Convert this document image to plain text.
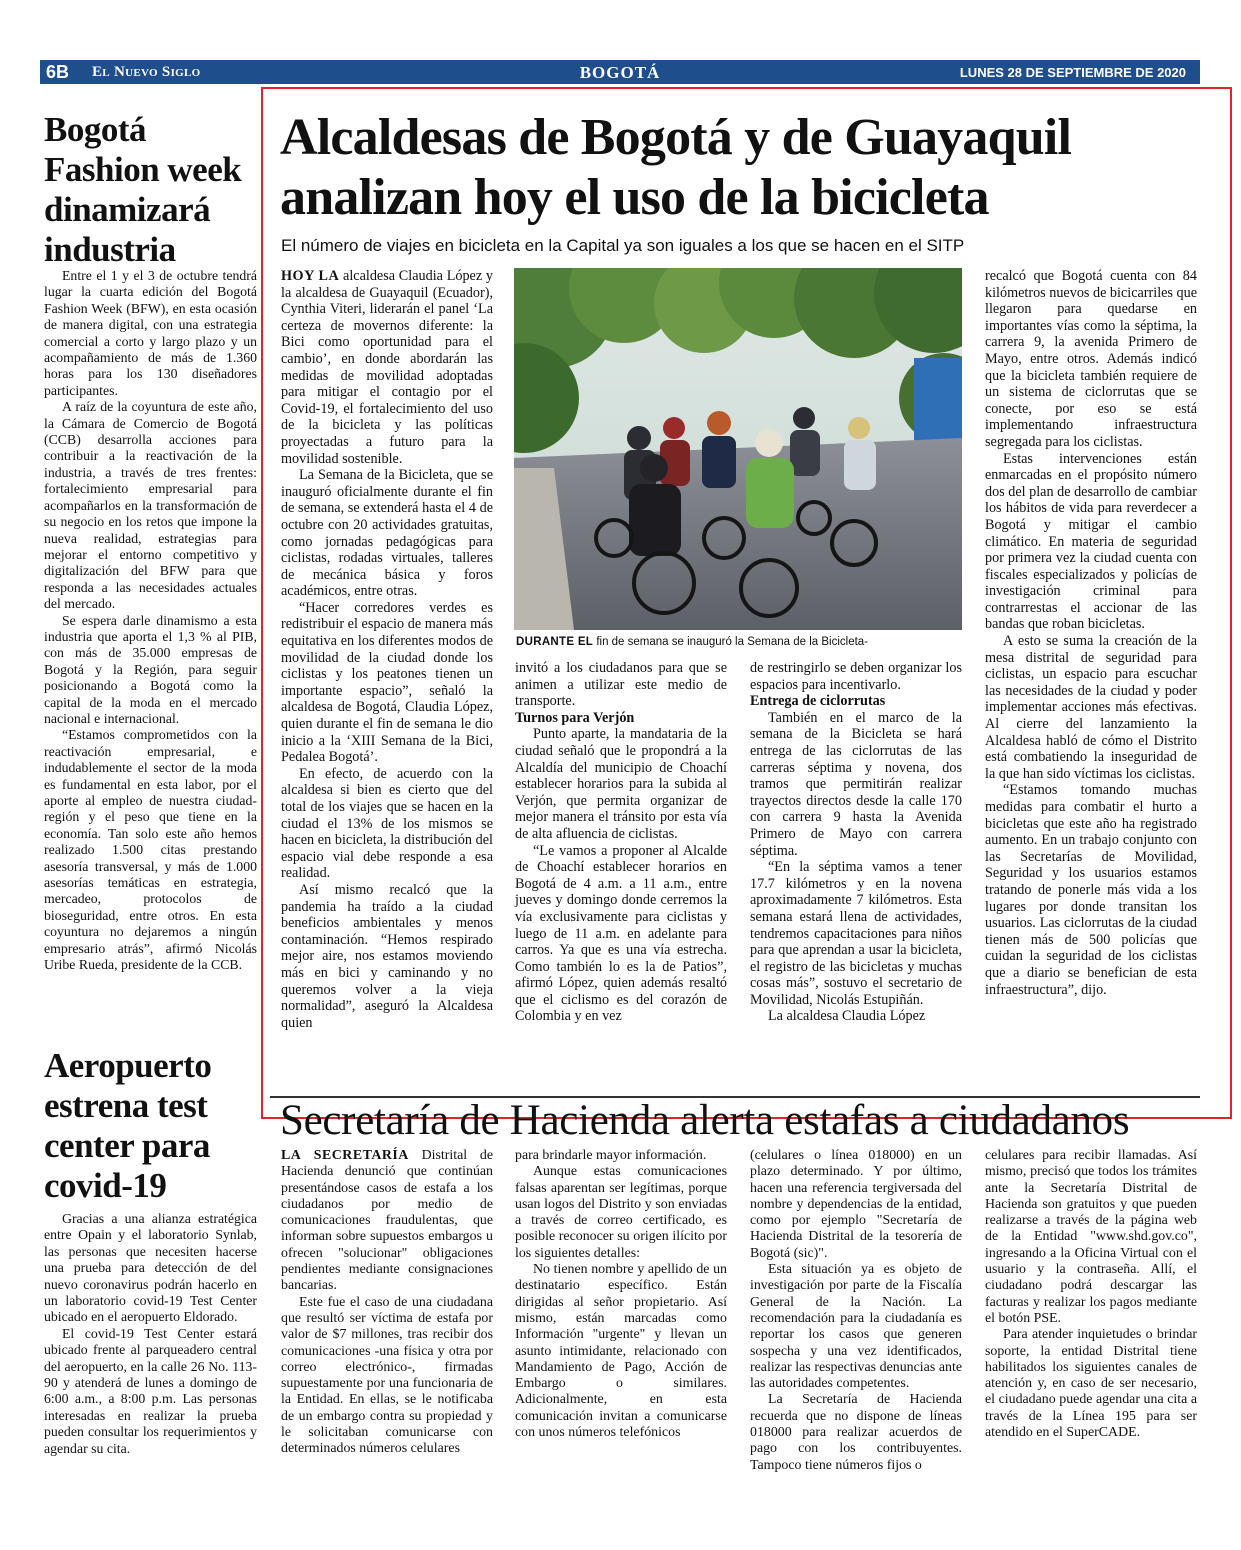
6B El Nuevo Siglo	BOGOTÁ	LUNES 28 DE SEPTIEMBRE DE 2020
Bogotá Fashion week dinamizará industria

Entre el 1 y el 3 de octubre tendrá lugar la cuarta edición del Bogotá Fashion Week (BFW), en esta ocasión de manera digital, con una estrategia comercial a corto y largo plazo y un acompañamiento de más de 1.360 horas para los 130 diseñadores participantes.

A raíz de la coyuntura de este año, la Cámara de Comercio de Bogotá (CCB) desarrolla acciones para contribuir a la reactivación de la industria, a través de tres frentes: fortalecimiento empresarial para acompañarlos en la transformación de su negocio en los retos que impone la nueva realidad, estrategias para mejorar el entorno competitivo y digitalización del BFW para que responda a las necesidades actuales del mercado.

Se espera darle dinamismo a esta industria que aporta el 1,3 % al PIB, con más de 35.000 empresas de Bogotá y la Región, para seguir posicionando a Bogotá como la capital de la moda en el mercado nacional e internacional.

“Estamos comprometidos con la reactivación empresarial, e indudablemente el sector de la moda es fundamental en esta labor, por el aporte al empleo de nuestra ciudad-región y el peso que tiene en la economía. Tan solo este año hemos realizado 1.500 citas prestando asesoría transversal, y más de 1.000 asesorías temáticas en estrategia, mercadeo, protocolos de bioseguridad, entre otros. En esta coyuntura no dejaremos a ningún empresario atrás”, afirmó Nicolás Uribe Rueda, presidente de la CCB.

Aeropuerto estrena test center para covid-19

Gracias a una alianza estratégica entre Opain y el laboratorio Synlab, las personas que necesiten hacerse una prueba para detección de del nuevo coronavirus podrán hacerlo en un laboratorio covid-19 Test Center ubicado en el aeropuerto Eldorado.

El covid-19 Test Center estará ubicado frente al parqueadero central del aeropuerto, en la calle 26 No. 113-90 y atenderá de lunes a domingo de 6:00 a.m., a 8:00 p.m. Las personas interesadas en realizar la prueba pueden consultar los requerimientos y agendar su cita.

Alcaldesas de Bogotá y de Guayaquil
analizan hoy el uso de la bicicleta
El número de viajes en bicicleta en la Capital ya son iguales a los que se hacen en el SITP

HOY LA alcaldesa Claudia López y la alcaldesa de Guayaquil (Ecuador), Cynthia Viteri, liderarán el panel ‘La certeza de movernos diferente: la Bici como oportunidad para el cambio’, en donde abordarán las medidas de movilidad adoptadas para mitigar el contagio por el Covid-19, el fortalecimiento del uso de la bicicleta y las políticas proyectadas a futuro para la movilidad sostenible.

La Semana de la Bicicleta, que se inauguró oficialmente durante el fin de semana, se extenderá hasta el 4 de octubre con 20 actividades gratuitas, como jornadas pedagógicas para ciclistas, rodadas virtuales, talleres de mecánica básica y foros académicos, entre otras.

“Hacer corredores verdes es redistribuir el espacio de manera más equitativa en los diferentes modos de movilidad de la ciudad donde los ciclistas y los peatones tienen un importante espacio”, señaló la alcaldesa de Bogotá, Claudia López, quien durante el fin de semana le dio inicio a la ‘XIII Semana de la Bici, Pedalea Bogotá’.

En efecto, de acuerdo con la alcaldesa si bien es cierto que del total de los viajes que se hacen en la ciudad el 13% de los mismos se hacen en bicicleta, la distribución del espacio vial debe responde a esa realidad.

Así mismo recalcó que la pandemia ha traído a la ciudad beneficios ambientales y menos contaminación. “Hemos respirado mejor aire, nos estamos moviendo más en bici y caminando y no queremos volver a la vieja normalidad”, aseguró la Alcaldesa quien

DURANTE EL fin de semana se inauguró la Semana de la Bicicleta-

invitó a los ciudadanos para que se animen a utilizar este medio de transporte.

Turnos para Verjón

Punto aparte, la mandataria de la ciudad señaló que le propondrá a la Alcaldía del municipio de Choachí establecer horarios para la subida al Verjón, que permita organizar de mejor manera el tránsito por esta vía de alta afluencia de ciclistas.

“Le vamos a proponer al Alcalde de Choachí establecer horarios en Bogotá de 4 a.m. a 11 a.m., entre jueves y domingo donde cerremos la vía exclusivamente para ciclistas y luego de 11 a.m. en adelante para carros. Ya que es una vía estrecha. Como también lo es la de Patios”, afirmó López, quien además resaltó que el ciclismo es del corazón de Colombia y en vez

de restringirlo se deben organizar los espacios para incentivarlo.

Entrega de ciclorrutas

También en el marco de la semana de la Bicicleta se hará entrega de las ciclorrutas de las carreras séptima y novena, dos tramos que permitirán realizar trayectos directos desde la calle 170 con carrera 9 hasta la Avenida Primero de Mayo con carrera séptima.

“En la séptima vamos a tener 17.7 kilómetros y en la novena aproximadamente 7 kilómetros. Esta semana estará llena de actividades, tendremos capacitaciones para niños para que aprendan a usar la bicicleta, el registro de las bicicletas y muchas cosas más”, sostuvo el secretario de Movilidad, Nicolás Estupiñán.

La alcaldesa Claudia López

recalcó que Bogotá cuenta con 84 kilómetros nuevos de bicicarriles que llegaron para quedarse en importantes vías como la séptima, la carrera 9, la avenida Primero de Mayo, entre otros. Además indicó que la bicicleta también requiere de un sistema de ciclorrutas que se conecte, por eso se está implementando infraestructura segregada para los ciclistas.

Estas intervenciones están enmarcadas en el propósito número dos del plan de desarrollo de cambiar los hábitos de vida para reverdecer a Bogotá y mitigar el cambio climático. En materia de seguridad por primera vez la ciudad cuenta con fiscales especializados y policías de investigación criminal para contrarrestas el accionar de las bandas que roban bicicletas.

A esto se suma la creación de la mesa distrital de seguridad para ciclistas, un espacio para escuchar las necesidades de la ciudad y poder implementar acciones más efectivas. Al cierre del lanzamiento la Alcaldesa habló de cómo el Distrito está combatiendo la inseguridad de la que han sido víctimas los ciclistas.

“Estamos tomando muchas medidas para combatir el hurto a bicicletas que este año ha registrado aumento. En un trabajo conjunto con las Secretarías de Movilidad, Seguridad y los usuarios estamos tratando de ponerle más vida a los lugares por donde transitan los usuarios. Las ciclorrutas de la ciudad tienen más de 500 policías que cuidan la seguridad de los ciclistas que a diario se benefician de esta infraestructura”, dijo.

Secretaría de Hacienda alerta estafas a ciudadanos

LA SECRETARÍA Distrital de Hacienda denunció que continúan presentándose casos de estafa a los ciudadanos por medio de comunicaciones fraudulentas, que informan sobre supuestos embargos u ofrecen "solucionar" obligaciones pendientes mediante consignaciones bancarias.

Este fue el caso de una ciudadana que resultó ser víctima de estafa por valor de $7 millones, tras recibir dos comunicaciones -una física y otra por correo electrónico-, firmadas supuestamente por una funcionaria de la Entidad. En ellas, se le notificaba de un embargo contra su propiedad y le solicitaban comunicarse con determinados números celulares

para brindarle mayor información.

Aunque estas comunicaciones falsas aparentan ser legítimas, porque usan logos del Distrito y son enviadas a través de correo certificado, es posible reconocer su origen ilícito por los siguientes detalles:

No tienen nombre y apellido de un destinatario específico. Están dirigidas al señor propietario. Así mismo, están marcadas como Información "urgente" y llevan un asunto intimidante, relacionado con Mandamiento de Pago, Acción de Embargo o similares. Adicionalmente, en esta comunicación invitan a comunicarse con unos números telefónicos

(celulares o línea 018000) en un plazo determinado. Y por último, hacen una referencia tergiversada del nombre y dependencias de la entidad, como por ejemplo "Secretaría de Hacienda Distrital de la tesorería de Bogotá (sic)".

Esta situación ya es objeto de investigación por parte de la Fiscalía General de la Nación. La recomendación para la ciudadanía es reportar los casos que generen sospecha y una vez identificados, realizar las respectivas denuncias ante las autoridades competentes.

La Secretaría de Hacienda recuerda que no dispone de líneas 018000 para realizar acuerdos de pago con los contribuyentes. Tampoco tiene números fijos o

celulares para recibir llamadas. Así mismo, precisó que todos los trámites ante la Secretaría Distrital de Hacienda son gratuitos y que pueden realizarse a través de la página web de la Entidad "www.shd.gov.co", ingresando a la Oficina Virtual con el usuario y la contraseña. Allí, el ciudadano podrá descargar las facturas y realizar los pagos mediante el botón PSE.

Para atender inquietudes o brindar soporte, la entidad Distrital tiene habilitados los siguientes canales de atención y, en caso de ser necesario, el ciudadano puede agendar una cita a través de la Línea 195 para ser atendido en el SuperCADE.
